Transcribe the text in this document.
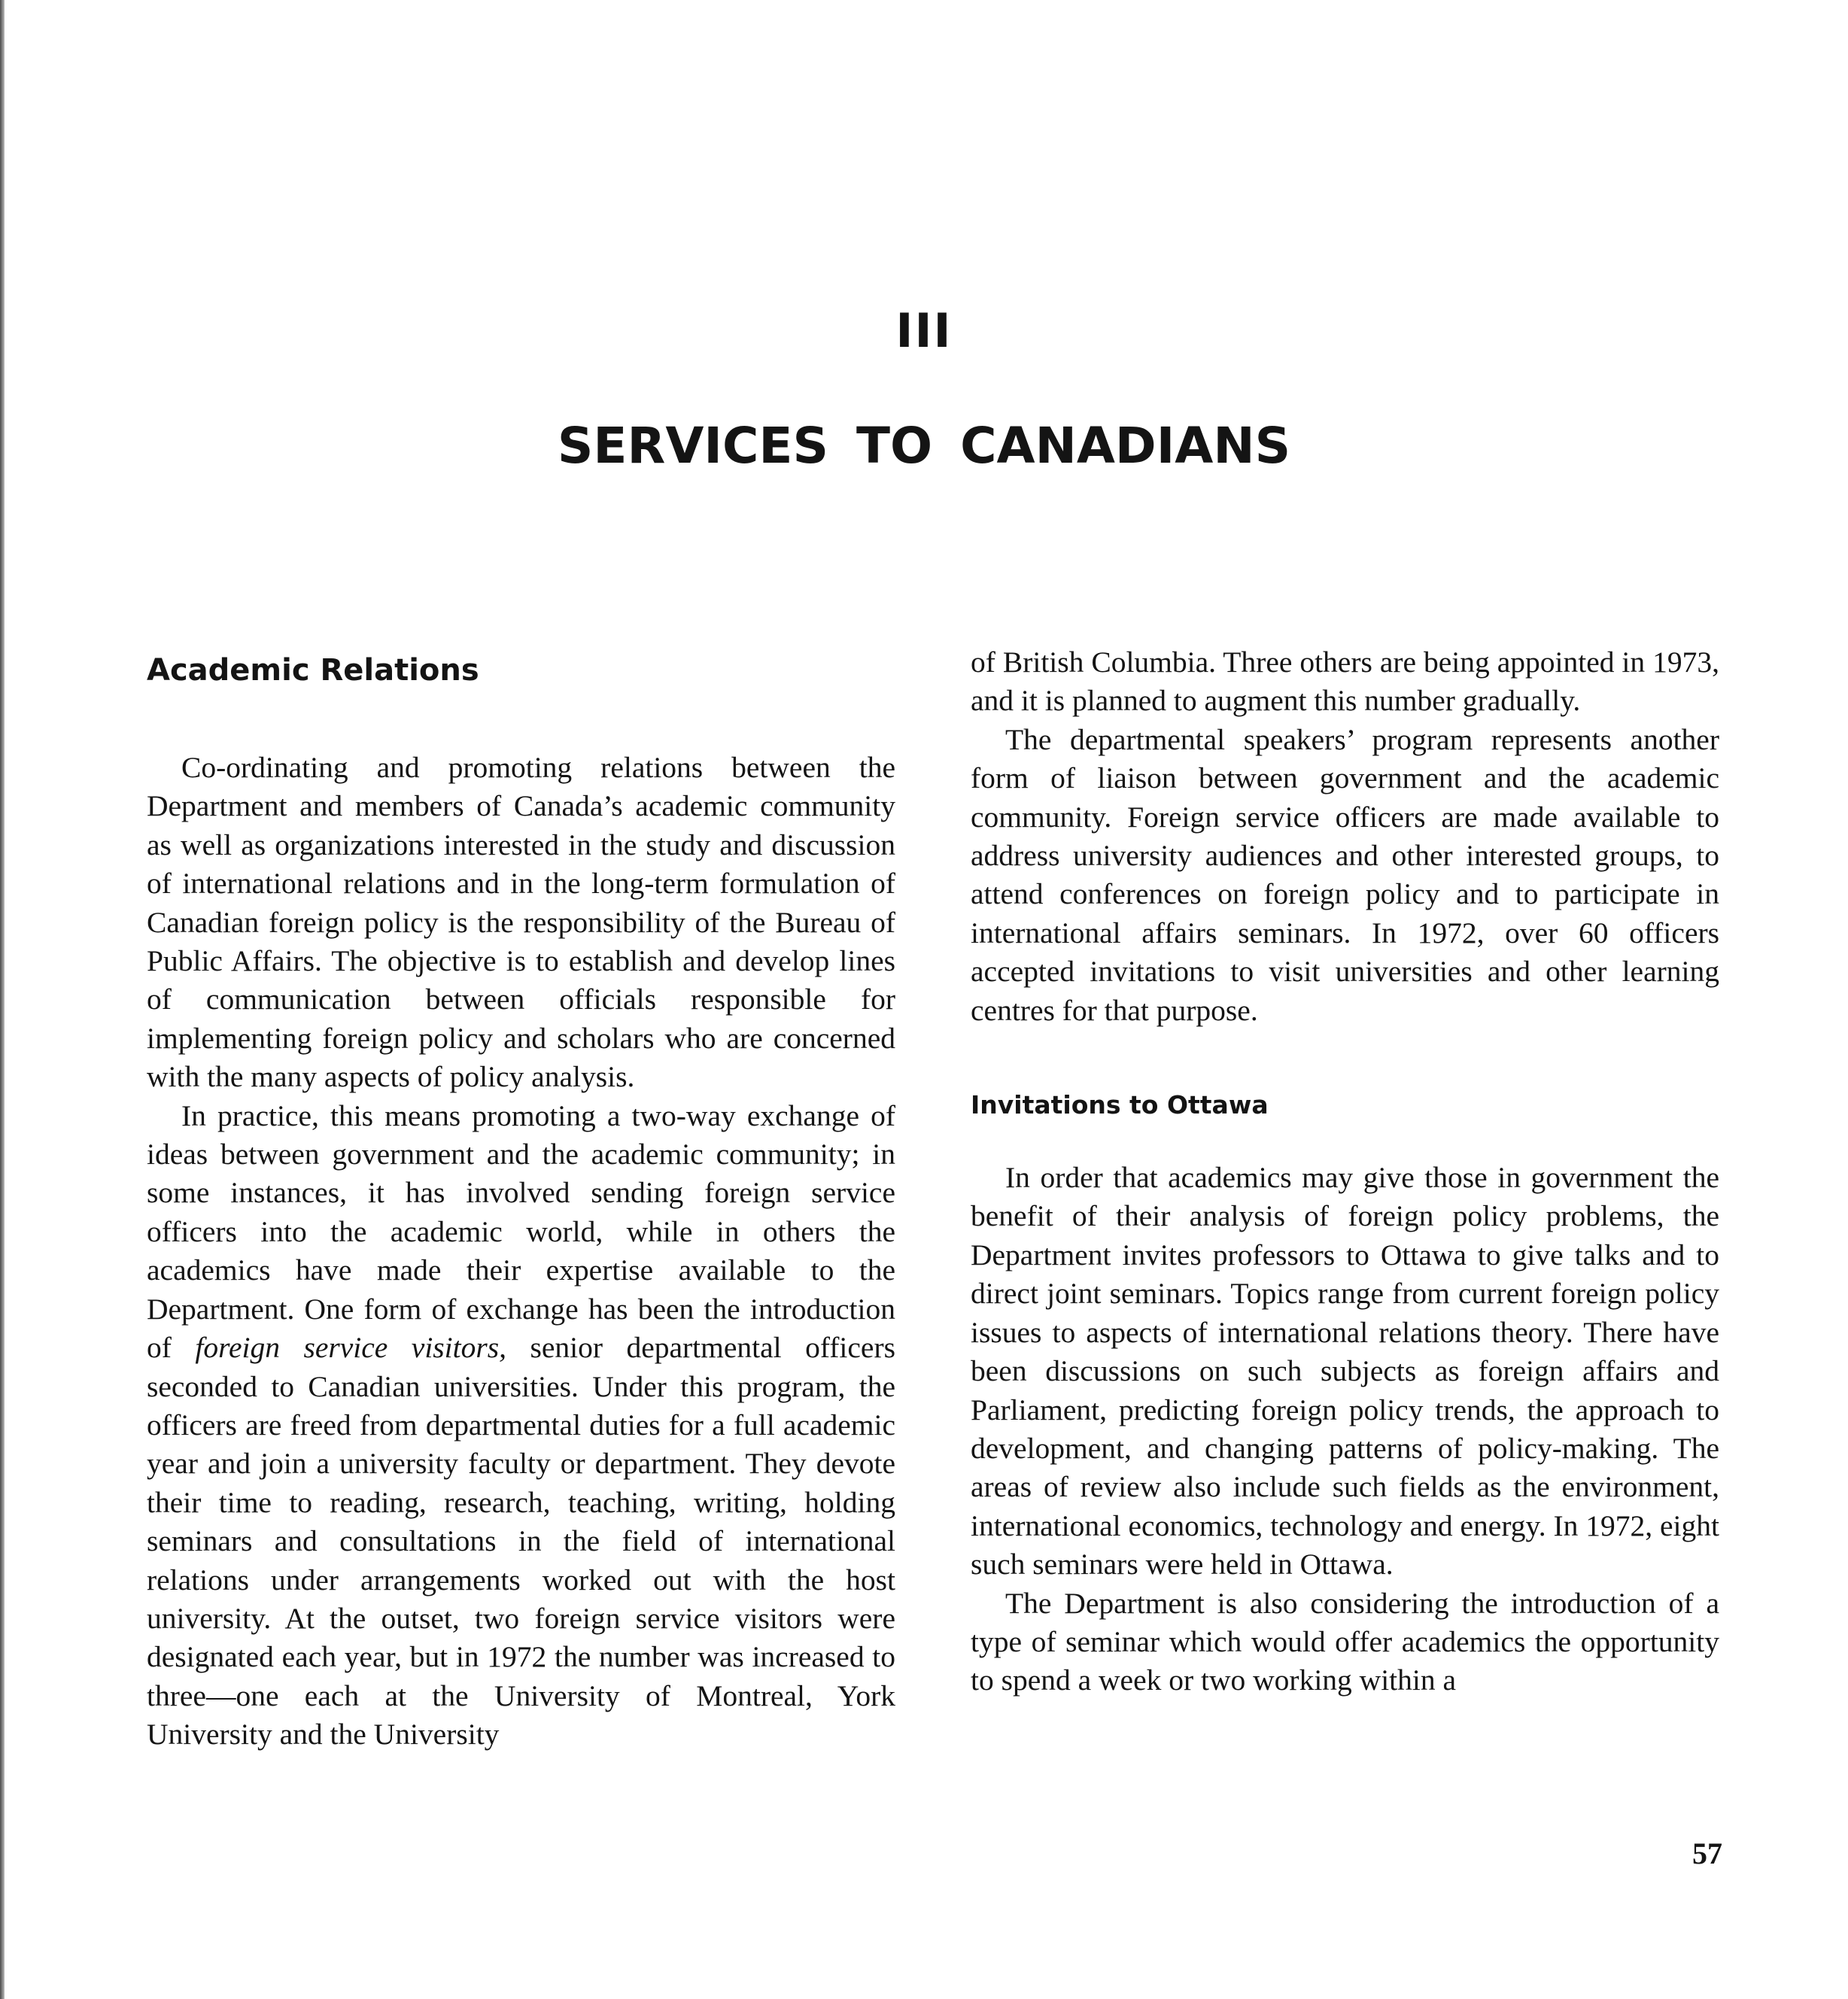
III
SERVICES TO CANADIANS
Academic Relations

Co-ordinating and promoting relations between the Department and members of Canada’s academic community as well as organizations interested in the study and discussion of international relations and in the long-term formulation of Canadian foreign policy is the responsibility of the Bureau of Public Affairs. The objective is to establish and develop lines of communication between officials responsible for implementing foreign policy and scholars who are concerned with the many aspects of policy analysis.

In practice, this means promoting a two-way exchange of ideas between government and the academic community; in some instances, it has involved sending foreign service officers into the academic world, while in others the academics have made their expertise available to the Department. One form of exchange has been the introduction of foreign service visitors, senior departmental officers seconded to Canadian universities. Under this program, the officers are freed from departmental duties for a full academic year and join a university faculty or department. They devote their time to reading, research, teaching, writing, holding seminars and consultations in the field of international relations under arrangements worked out with the host university. At the outset, two foreign service visitors were designated each year, but in 1972 the number was increased to three—one each at the University of Montreal, York University and the University

of British Columbia. Three others are being appointed in 1973, and it is planned to augment this number gradually.

The departmental speakers’ program represents another form of liaison between government and the academic community. Foreign service officers are made available to address university audiences and other interested groups, to attend conferences on foreign policy and to participate in international affairs seminars. In 1972, over 60 officers accepted invitations to visit universities and other learning centres for that purpose.

Invitations to Ottawa

In order that academics may give those in government the benefit of their analysis of foreign policy problems, the Department invites professors to Ottawa to give talks and to direct joint seminars. Topics range from current foreign policy issues to aspects of international relations theory. There have been discussions on such subjects as foreign affairs and Parliament, predicting foreign policy trends, the approach to development, and changing patterns of policy-making. The areas of review also include such fields as the environment, international economics, technology and energy. In 1972, eight such seminars were held in Ottawa.

The Department is also considering the introduction of a type of seminar which would offer academics the opportunity to spend a week or two working within a

57
